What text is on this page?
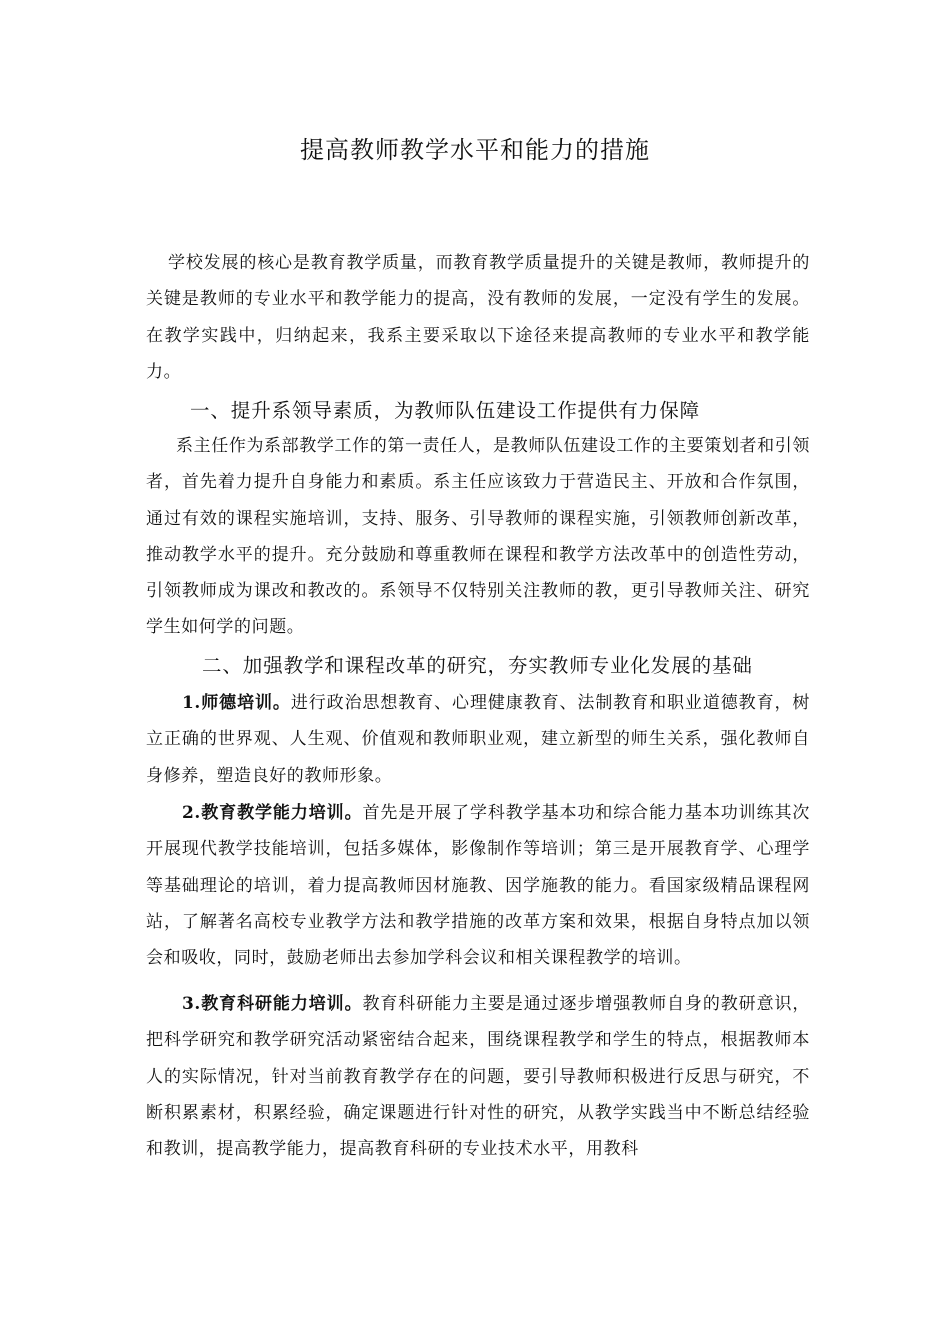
提高教师教学水平和能力的措施

学校发展的核心是教育教学质量，而教育教学质量提升的关键是教师，教师提升的关键是教师的专业水平和教学能力的提高，没有教师的发展，一定没有学生的发展。在教学实践中，归纳起来，我系主要采取以下途径来提高教师的专业水平和教学能力。

一、提升系领导素质，为教师队伍建设工作提供有力保障

系主任作为系部教学工作的第一责任人，是教师队伍建设工作的主要策划者和引领者，首先着力提升自身能力和素质。系主任应该致力于营造民主、开放和合作氛围，通过有效的课程实施培训，支持、服务、引导教师的课程实施，引领教师创新改革，推动教学水平的提升。充分鼓励和尊重教师在课程和教学方法改革中的创造性劳动，引领教师成为课改和教改的。系领导不仅特别关注教师的教，更引导教师关注、研究学生如何学的问题。

二、加强教学和课程改革的研究，夯实教师专业化发展的基础

1.师德培训。进行政治思想教育、心理健康教育、法制教育和职业道德教育，树立正确的世界观、人生观、价值观和教师职业观，建立新型的师生关系，强化教师自身修养，塑造良好的教师形象。

2.教育教学能力培训。首先是开展了学科教学基本功和综合能力基本功训练其次开展现代教学技能培训，包括多媒体，影像制作等培训；第三是开展教育学、心理学等基础理论的培训，着力提高教师因材施教、因学施教的能力。看国家级精品课程网站，了解著名高校专业教学方法和教学措施的改革方案和效果，根据自身特点加以领会和吸收，同时，鼓励老师出去参加学科会议和相关课程教学的培训。

3.教育科研能力培训。教育科研能力主要是通过逐步增强教师自身的教研意识，把科学研究和教学研究活动紧密结合起来，围绕课程教学和学生的特点，根据教师本人的实际情况，针对当前教育教学存在的问题，要引导教师积极进行反思与研究，不断积累素材，积累经验，确定课题进行针对性的研究，从教学实践当中不断总结经验和教训，提高教学能力，提高教育科研的专业技术水平，用教科
